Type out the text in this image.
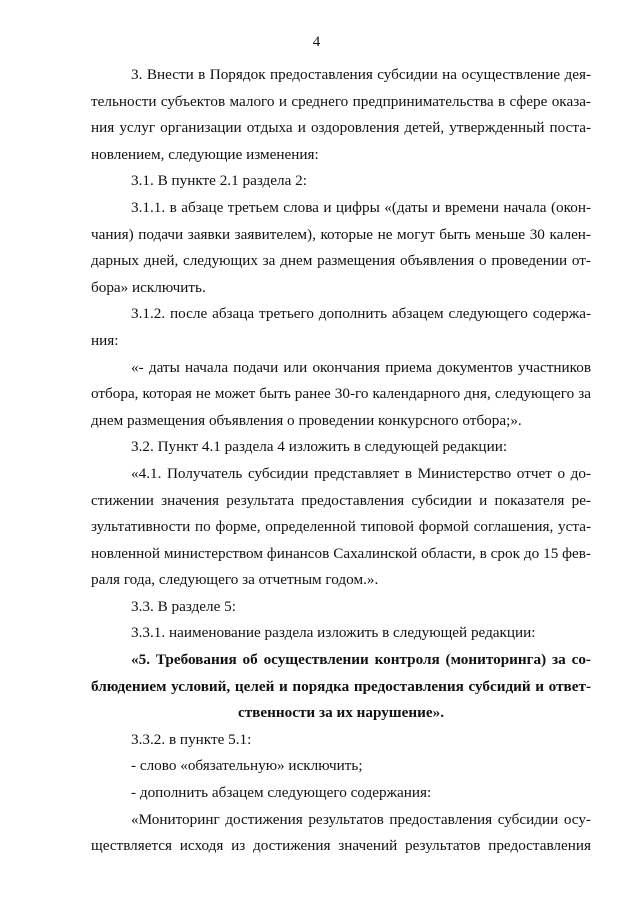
4
3. Внести в Порядок предоставления субсидии на осуществление дея-
тельности субъектов малого и среднего предпринимательства в сфере оказа-
ния услуг организации отдыха и оздоровления детей, утвержденный поста-
новлением, следующие изменения:
3.1. В пункте 2.1 раздела 2:
3.1.1. в абзаце третьем слова и цифры «(даты и времени начала (окон-
чания) подачи заявки заявителем), которые не могут быть меньше 30 кален-
дарных дней, следующих за днем размещения объявления о проведении от-
бора» исключить.
3.1.2. после абзаца третьего дополнить абзацем следующего содержа-
ния:
«- даты начала подачи или окончания приема документов участников
отбора, которая не может быть ранее 30-го календарного дня, следующего за
днем размещения объявления о проведении конкурсного отбора;».
3.2. Пункт 4.1 раздела 4 изложить в следующей редакции:
«4.1. Получатель субсидии представляет в Министерство отчет о до-
стижении значения результата предоставления субсидии и показателя ре-
зультативности по форме, определенной типовой формой соглашения, уста-
новленной министерством финансов Сахалинской области, в срок до 15 фев-
раля года, следующего за отчетным годом.».
3.3. В разделе 5:
3.3.1. наименование раздела изложить в следующей редакции:
«5. Требования об осуществлении контроля (мониторинга) за со-
блюдением условий, целей и порядка предоставления субсидий и ответ-
ственности за их нарушение».
3.3.2. в пункте 5.1:
- слово «обязательную» исключить;
- дополнить абзацем следующего содержания:
«Мониторинг достижения результатов предоставления субсидии осу-
ществляется исходя из достижения значений результатов предоставления
